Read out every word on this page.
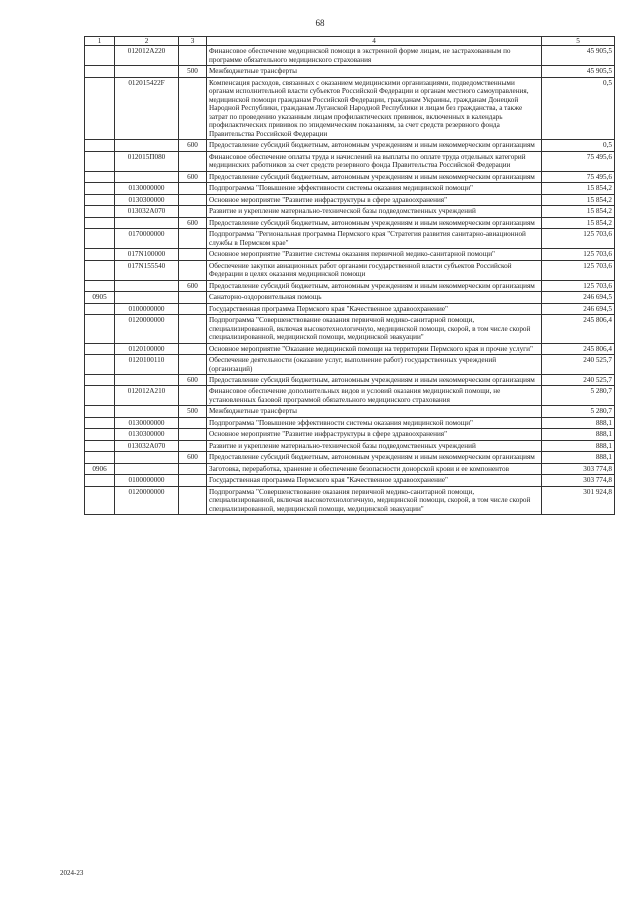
68
1	2	3	4	5
	012012А220		Финансовое обеспечение медицинской помощи в экстренной форме лицам, не застрахованным по программе обязательного медицинского страхования	45 905,5
		500	Межбюджетные трансферты	45 905,5
	012015422F		Компенсация расходов, связанных с оказанием медицинскими организациями, подведомственными органам исполнительной власти субъектов Российской Федерации и органам местного самоуправления, медицинской помощи гражданам Российской Федерации, гражданам Украины, гражданам Донецкой Народной Республики, гражданам Луганской Народной Республики и лицам без гражданства, а также затрат по проведению указанным лицам профилактических прививок, включенных в календарь профилактических прививок по эпидемическим показаниям, за счет средств резервного фонда Правительства Российской Федерации	0,5
		600	Предоставление субсидий бюджетным, автономным учреждениям и иным некоммерческим организациям	0,5
	012015П080		Финансовое обеспечение оплаты труда и начислений на выплаты по оплате труда отдельных категорий медицинских работников за счет средств резервного фонда Правительства Российской Федерации	75 495,6
		600	Предоставление субсидий бюджетным, автономным учреждениям и иным некоммерческим организациям	75 495,6
	0130000000		Подпрограмма "Повышение эффективности системы оказания медицинской помощи"	15 854,2
	0130300000		Основное мероприятие "Развитие инфраструктуры в сфере здравоохранения"	15 854,2
	013032А070		Развитие и укрепление материально-технической базы подведомственных учреждений	15 854,2
		600	Предоставление субсидий бюджетным, автономным учреждениям и иным некоммерческим организациям	15 854,2
	0170000000		Подпрограмма "Региональная программа Пермского края "Стратегия развития санитарно-авиационной службы в Пермском крае"	125 703,6
	017N100000		Основное мероприятие "Развитие системы оказания первичной медико-санитарной помощи"	125 703,6
	017N155540		Обеспечение закупки авиационных работ органами государственной власти субъектов Российской Федерации в целях оказания медицинской помощи	125 703,6
		600	Предоставление субсидий бюджетным, автономным учреждениям и иным некоммерческим организациям	125 703,6
0905			Санаторно-оздоровительная помощь	246 694,5
	0100000000		Государственная программа Пермского края "Качественное здравоохранение"	246 694,5
	0120000000		Подпрограмма "Совершенствование оказания первичной медико-санитарной помощи, специализированной, включая высокотехнологичную, медицинской помощи, скорой, в том числе скорой специализированной, медицинской помощи, медицинской эвакуации"	245 806,4
	0120100000		Основное мероприятие "Оказание медицинской помощи на территории Пермского края и прочие услуги"	245 806,4
	0120100110		Обеспечение деятельности (оказание услуг, выполнение работ) государственных учреждений (организаций)	240 525,7
		600	Предоставление субсидий бюджетным, автономным учреждениям и иным некоммерческим организациям	240 525,7
	012012А210		Финансовое обеспечение дополнительных видов и условий оказания медицинской помощи, не установленных базовой программой обязательного медицинского страхования	5 280,7
		500	Межбюджетные трансферты	5 280,7
	0130000000		Подпрограмма "Повышение эффективности системы оказания медицинской помощи"	888,1
	0130300000		Основное мероприятие "Развитие инфраструктуры в сфере здравоохранения"	888,1
	013032А070		Развитие и укрепление материально-технической базы подведомственных учреждений	888,1
		600	Предоставление субсидий бюджетным, автономным учреждениям и иным некоммерческим организациям	888,1
0906			Заготовка, переработка, хранение и обеспечение безопасности донорской крови и ее компонентов	303 774,8
	0100000000		Государственная программа Пермского края "Качественное здравоохранение"	303 774,8
	0120000000		Подпрограмма "Совершенствование оказания первичной медико-санитарной помощи, специализированной, включая высокотехнологичную, медицинской помощи, скорой, в том числе скорой специализированной, медицинской помощи, медицинской эвакуации"	301 924,8
2024-23
